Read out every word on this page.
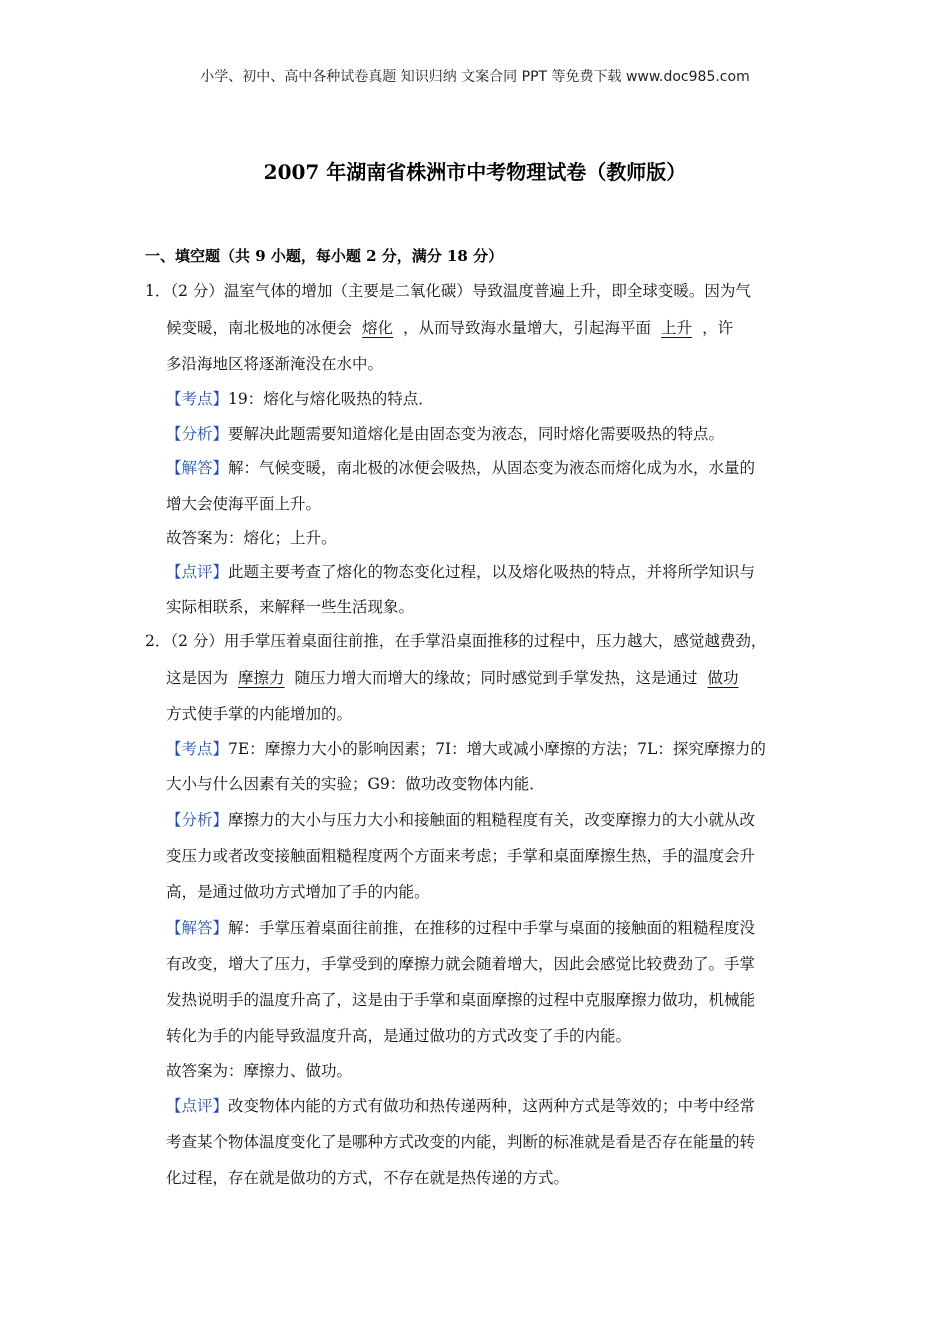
小学、初中、高中各种试卷真题 知识归纳 文案合同 PPT 等免费下载 www.doc985.com
2007 年湖南省株洲市中考物理试卷（教师版）
一、填空题（共 9 小题，每小题 2 分，满分 18 分）
1．（2 分）温室气体的增加（主要是二氧化碳）导致温度普遍上升，即全球变暖。因为气
候变暖，南北极地的冰便会 熔化 ，从而导致海水量增大，引起海平面 上升 ，许
多沿海地区将逐渐淹没在水中。
【考点】19：熔化与熔化吸热的特点．
【分析】要解决此题需要知道熔化是由固态变为液态，同时熔化需要吸热的特点。
【解答】解：气候变暖，南北极的冰便会吸热，从固态变为液态而熔化成为水，水量的
增大会使海平面上升。
故答案为：熔化；上升。
【点评】此题主要考查了熔化的物态变化过程，以及熔化吸热的特点，并将所学知识与
实际相联系，来解释一些生活现象。
2．（2 分）用手掌压着桌面往前推，在手掌沿桌面推移的过程中，压力越大，感觉越费劲，
这是因为 摩擦力 随压力增大而增大的缘故；同时感觉到手掌发热，这是通过 做功
方式使手掌的内能增加的。
【考点】7E：摩擦力大小的影响因素；7I：增大或减小摩擦的方法；7L：探究摩擦力的
大小与什么因素有关的实验；G9：做功改变物体内能．
【分析】摩擦力的大小与压力大小和接触面的粗糙程度有关，改变摩擦力的大小就从改
变压力或者改变接触面粗糙程度两个方面来考虑；手掌和桌面摩擦生热，手的温度会升
高，是通过做功方式增加了手的内能。
【解答】解：手掌压着桌面往前推，在推移的过程中手掌与桌面的接触面的粗糙程度没
有改变，增大了压力，手掌受到的摩擦力就会随着增大，因此会感觉比较费劲了。手掌
发热说明手的温度升高了，这是由于手掌和桌面摩擦的过程中克服摩擦力做功，机械能
转化为手的内能导致温度升高，是通过做功的方式改变了手的内能。
故答案为：摩擦力、做功。
【点评】改变物体内能的方式有做功和热传递两种，这两种方式是等效的；中考中经常
考查某个物体温度变化了是哪种方式改变的内能，判断的标准就是看是否存在能量的转
化过程，存在就是做功的方式，不存在就是热传递的方式。
